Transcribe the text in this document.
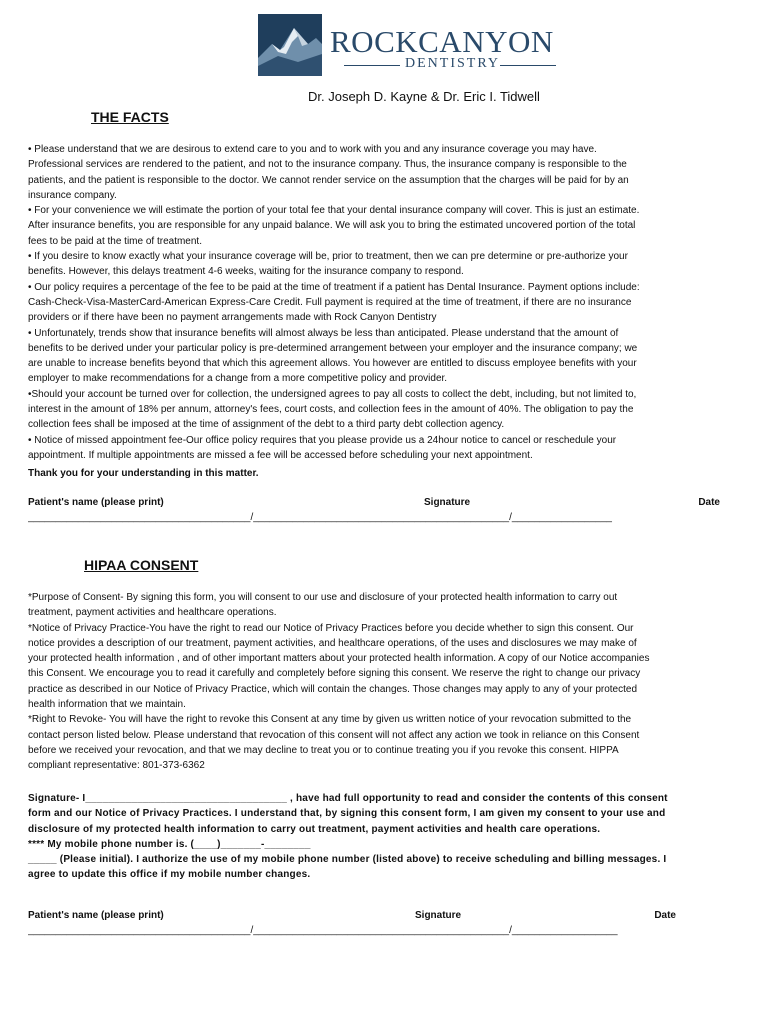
ROCKCANYON
DENTISTRY
Dr. Joseph D. Kayne & Dr. Eric I. Tidwell
THE FACTS
• Please understand that we are desirous to extend care to you and to work with you and any insurance coverage you may have.
Professional services are rendered to the patient, and not to the insurance company. Thus, the insurance company is responsible to the
patients, and the patient is responsible to the doctor. We cannot render service on the assumption that the charges will be paid for by an
insurance company.
• For your convenience we will estimate the portion of your total fee that your dental insurance company will cover. This is just an estimate.
After insurance benefits, you are responsible for any unpaid balance. We will ask you to bring the estimated uncovered portion of the total
fees to be paid at the time of treatment.
• If you desire to know exactly what your insurance coverage will be, prior to treatment, then we can pre determine or pre-authorize your
benefits. However, this delays treatment 4-6 weeks, waiting for the insurance company to respond.
• Our policy requires a percentage of the fee to be paid at the time of treatment if a patient has Dental Insurance. Payment options include:
Cash-Check-Visa-MasterCard-American Express-Care Credit. Full payment is required at the time of treatment, if there are no insurance
providers or if there have been no payment arrangements made with Rock Canyon Dentistry
• Unfortunately, trends show that insurance benefits will almost always be less than anticipated. Please understand that the amount of
benefits to be derived under your particular policy is pre-determined arrangement between your employer and the insurance company; we
are unable to increase benefits beyond that which this agreement allows. You however are entitled to discuss employee benefits with your
employer to make recommendations for a change from a more competitive policy and provider.
•Should your account be turned over for collection, the undersigned agrees to pay all costs to collect the debt, including, but not limited to,
interest in the amount of 18% per annum, attorney's fees, court costs, and collection fees in the amount of 40%. The obligation to pay the
collection fees shall be imposed at the time of assignment of the debt to a third party debt collection agency.
• Notice of missed appointment fee-Our office policy requires that you please provide us a 24hour notice to cancel or reschedule your
appointment. If multiple appointments are missed a fee will be accessed before scheduling your next appointment.
Thank you for your understanding in this matter.
Patient's name (please print)	Signature	Date
________________________________________/______________________________________________/__________________
HIPAA CONSENT
*Purpose of Consent- By signing this form, you will consent to our use and disclosure of your protected health information to carry out
treatment, payment activities and healthcare operations.
*Notice of Privacy Practice-You have the right to read our Notice of Privacy Practices before you decide whether to sign this consent. Our
notice provides a description of our treatment, payment activities, and healthcare operations, of the uses and disclosures we may make of
your protected health information , and of other important matters about your protected health information. A copy of our Notice accompanies
this Consent. We encourage you to read it carefully and completely before signing this consent. We reserve the right to change our privacy
practice as described in our Notice of Privacy Practice, which will contain the changes. Those changes may apply to any of your protected
health information that we maintain.
*Right to Revoke- You will have the right to revoke this Consent at any time by given us written notice of your revocation submitted to the
contact person listed below. Please understand that revocation of this consent will not affect any action we took in reliance on this Consent
before we received your revocation, and that we may decline to treat you or to continue treating you if you revoke this consent. HIPPA
compliant representative: 801-373-6362
Signature- I___________________________________ , have had full opportunity to read and consider the contents of this consent
form and our Notice of Privacy Practices. I understand that, by signing this consent form, I am given my consent to your use and
disclosure of my protected health information to carry out treatment, payment activities and health care operations.
**** My mobile phone number is. (____)_______-________
_____ (Please initial). I authorize the use of my mobile phone number (listed above) to receive scheduling and billing messages. I
agree to update this office if my mobile number changes.
Patient's name (please print)	Signature	Date
________________________________________/______________________________________________/___________________
